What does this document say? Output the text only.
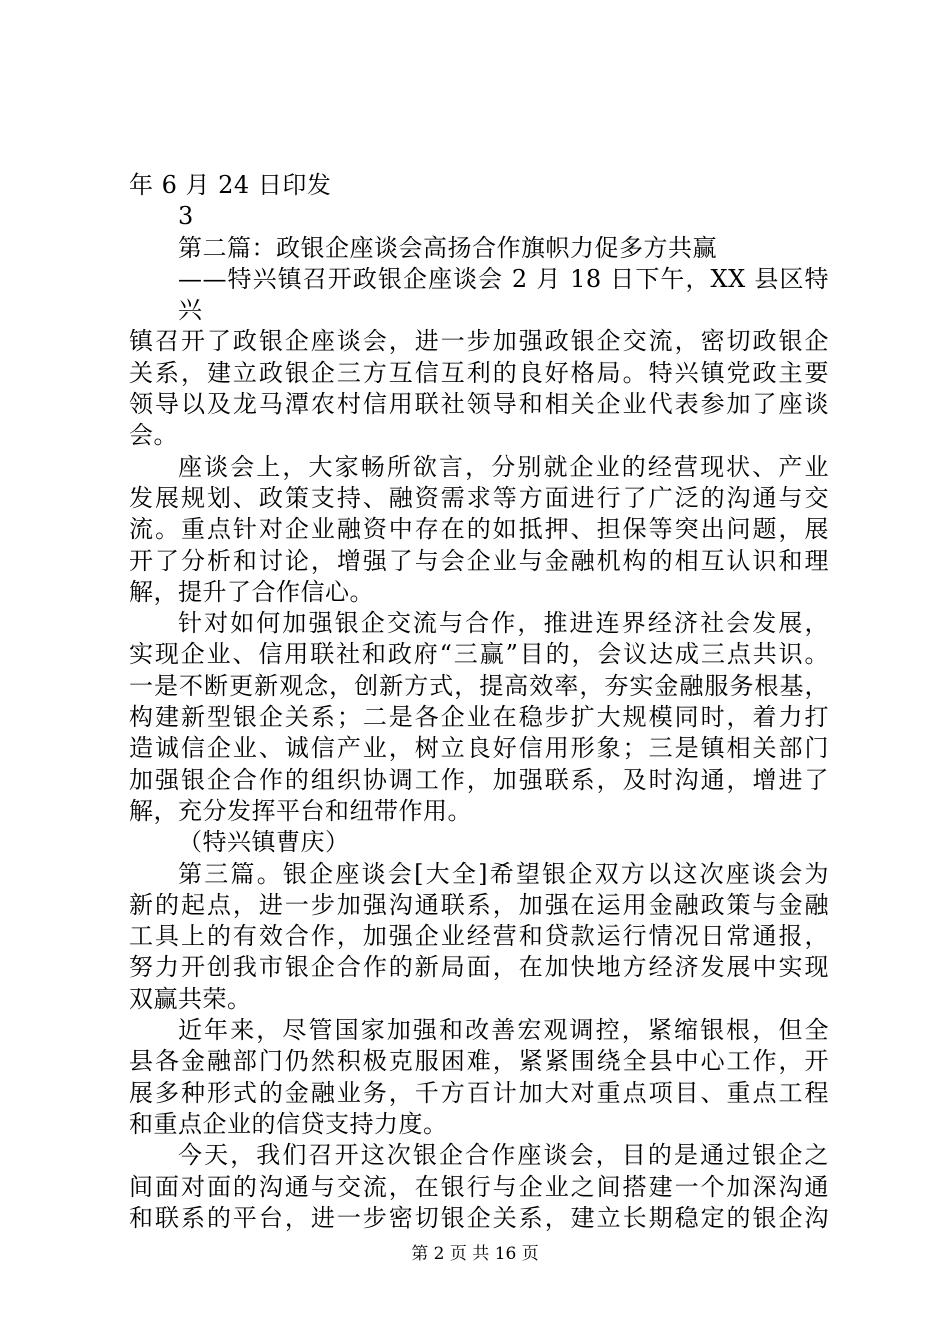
年 6 月 24 日印发
3
第二篇：政银企座谈会高扬合作旗帜力促多方共赢
——特兴镇召开政银企座谈会 2 月 18 日下午，XX 县区特兴
镇召开了政银企座谈会，进一步加强政银企交流，密切政银企
关系，建立政银企三方互信互利的良好格局。特兴镇党政主要
领导以及龙马潭农村信用联社领导和相关企业代表参加了座谈
会。
座谈会上，大家畅所欲言，分别就企业的经营现状、产业
发展规划、政策支持、融资需求等方面进行了广泛的沟通与交
流。重点针对企业融资中存在的如抵押、担保等突出问题，展
开了分析和讨论，增强了与会企业与金融机构的相互认识和理
解，提升了合作信心。
针对如何加强银企交流与合作，推进连界经济社会发展，
实现企业、信用联社和政府“三赢”目的，会议达成三点共识。
一是不断更新观念，创新方式，提高效率，夯实金融服务根基，
构建新型银企关系；二是各企业在稳步扩大规模同时，着力打
造诚信企业、诚信产业，树立良好信用形象；三是镇相关部门
加强银企合作的组织协调工作，加强联系，及时沟通，增进了
解，充分发挥平台和纽带作用。
（特兴镇曹庆）
第三篇。银企座谈会[大全]希望银企双方以这次座谈会为
新的起点，进一步加强沟通联系，加强在运用金融政策与金融
工具上的有效合作，加强企业经营和贷款运行情况日常通报，
努力开创我市银企合作的新局面，在加快地方经济发展中实现
双赢共荣。
近年来，尽管国家加强和改善宏观调控，紧缩银根，但全
县各金融部门仍然积极克服困难，紧紧围绕全县中心工作，开
展多种形式的金融业务，千方百计加大对重点项目、重点工程
和重点企业的信贷支持力度。
今天，我们召开这次银企合作座谈会，目的是通过银企之
间面对面的沟通与交流，在银行与企业之间搭建一个加深沟通
和联系的平台，进一步密切银企关系，建立长期稳定的银企沟
第 2 页 共 16 页
